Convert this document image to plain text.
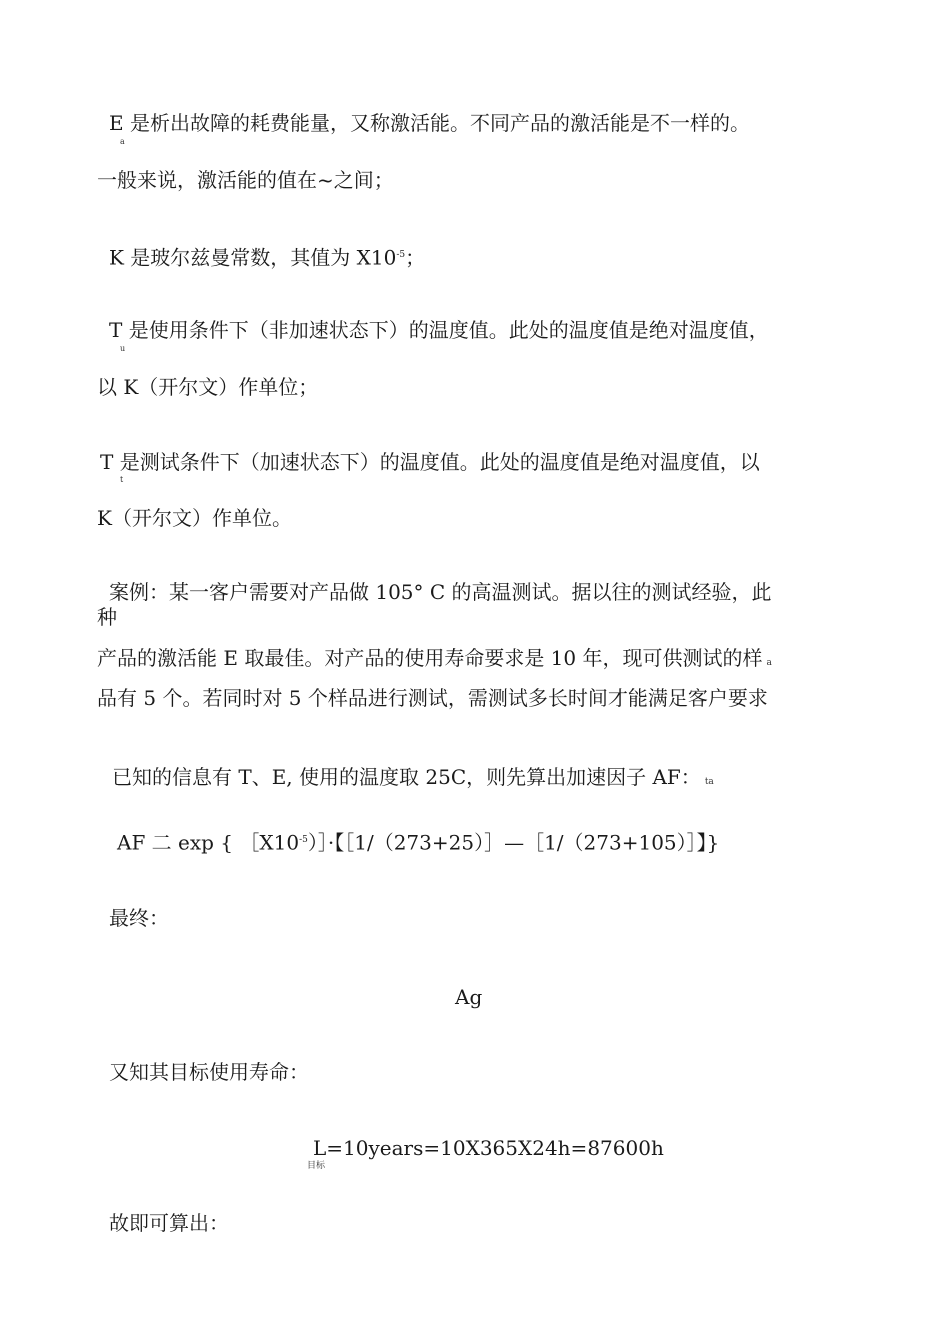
E 是析出故障的耗费能量，又称激活能。不同产品的激活能是不一样的。
a
一般来说，激活能的值在~之间；
K 是玻尔兹曼常数，其值为 $X10^{-5}$；
T 是使用条件下（非加速状态下）的温度值。此处的温度值是绝对温度值，
u
以 K（开尔文）作单位；
T 是测试条件下（加速状态下）的温度值。此处的温度值是绝对温度值，以
t
K（开尔文）作单位。
案例：某一客户需要对产品做 105° C 的高温测试。据以往的测试经验，此
种
产品的激活能 E 取最佳。对产品的使用寿命要求是 10 年，现可供测试的样 a
品有 5 个。若同时对 5 个样品进行测试，需测试多长时间才能满足客户要求
已知的信息有 T、E, 使用的温度取 25C，则先算出加速因子 AF： ta
AF 二 exp { $[X10^{-5})]\cdot$【［1/（273+25）］—［1/（273+105）］】}
最终：
Ag
又知其目标使用寿命：
L=10years=10X365X24h=87600h
目标
故即可算出：
